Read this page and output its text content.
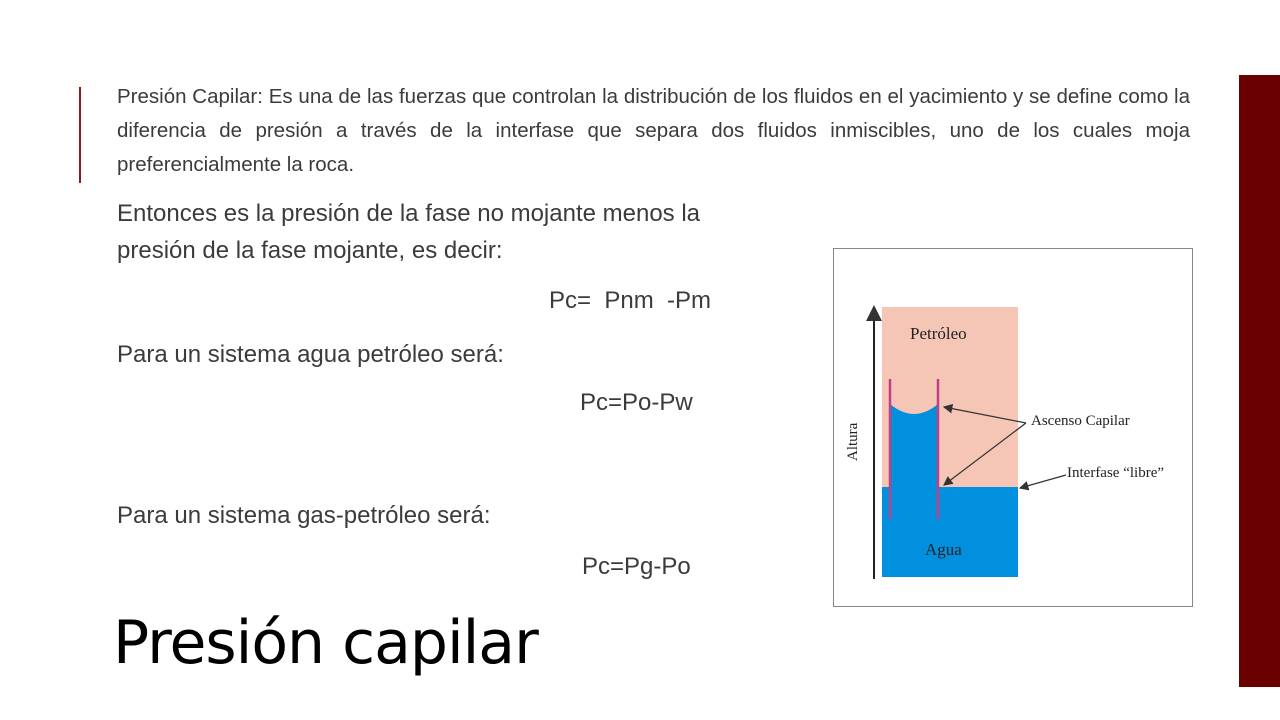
Presión Capilar: Es una de las fuerzas que controlan la distribución de los fluidos en el yacimiento y se define como la diferencia de presión a través de la interfase que separa dos fluidos inmiscibles, uno de los cuales moja preferencialmente la roca.

Entonces es la presión de la fase no mojante menos la

presión de la fase mojante, es decir:

Pc=  Pnm  -Pm

Para un sistema agua petróleo será:

Pc=Po-Pw

Para un sistema gas-petróleo será:

Pc=Pg-Po

Petróleo
Agua
Altura
Ascenso Capilar
Interfase “libre”

Presión capilar
